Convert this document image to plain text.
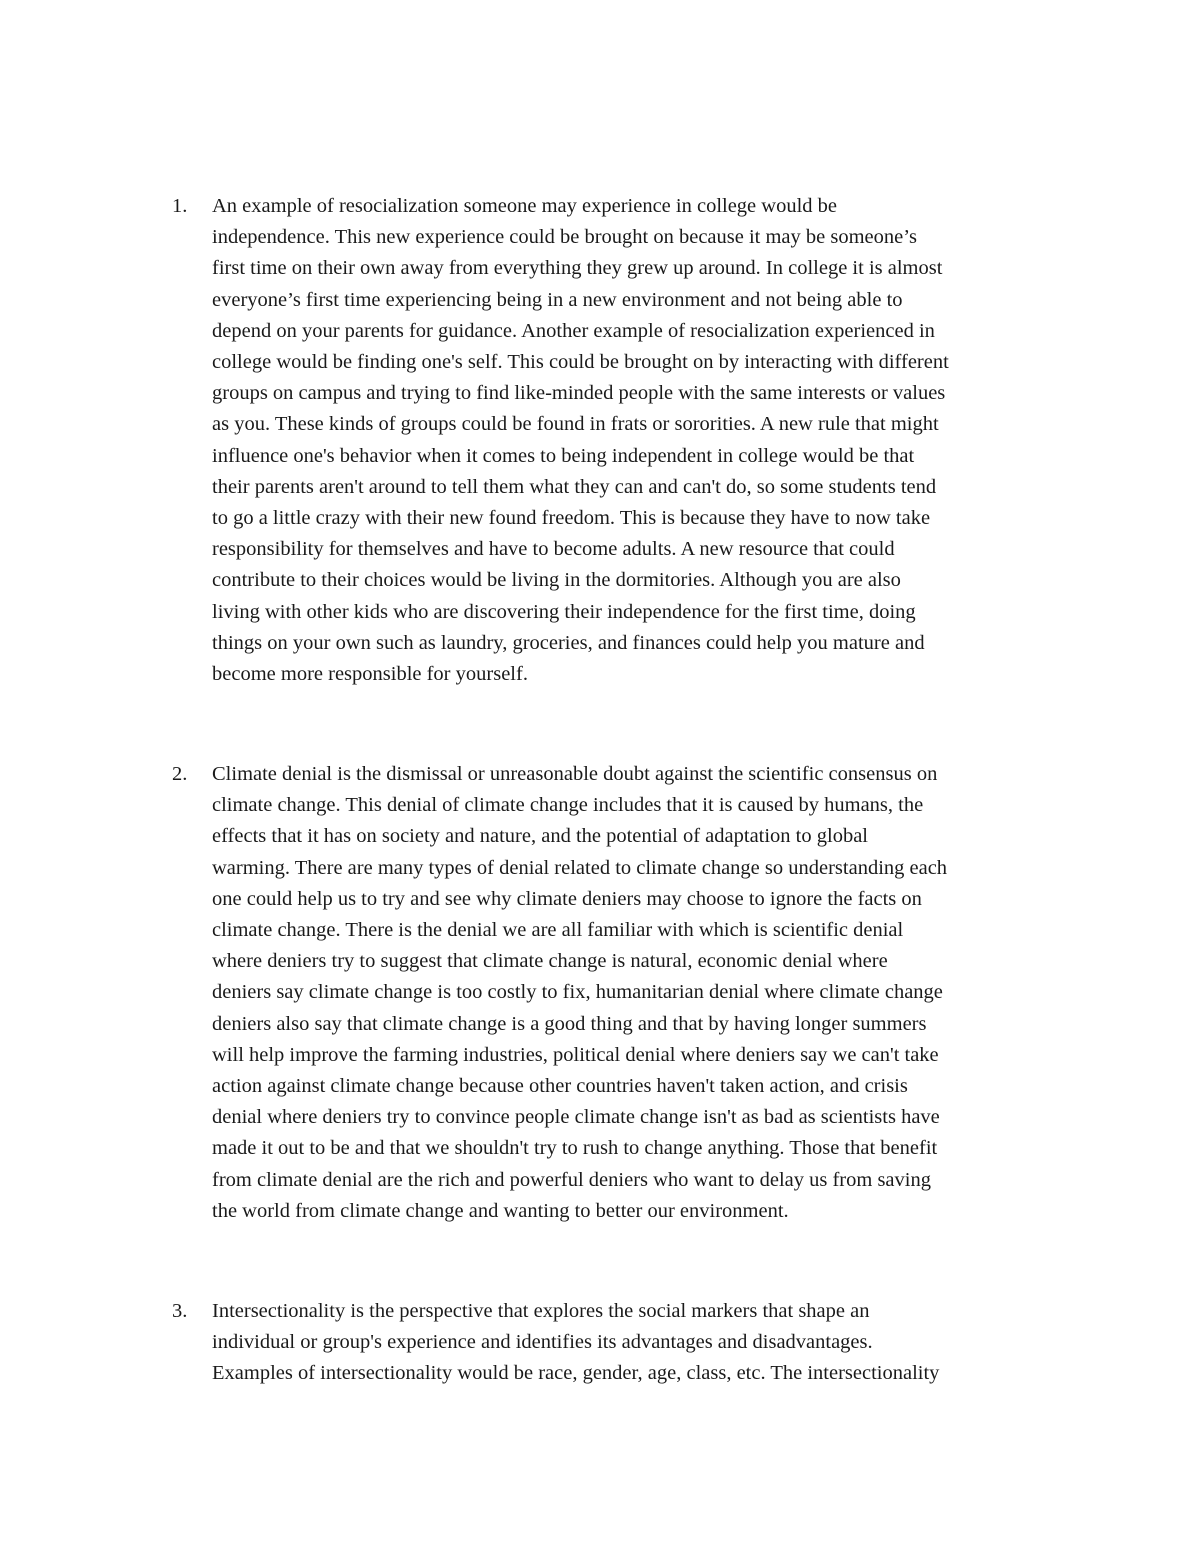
1. An example of resocialization someone may experience in college would be
independence. This new experience could be brought on because it may be someone’s
first time on their own away from everything they grew up around. In college it is almost
everyone’s first time experiencing being in a new environment and not being able to
depend on your parents for guidance. Another example of resocialization experienced in
college would be finding one's self. This could be brought on by interacting with different
groups on campus and trying to find like-minded people with the same interests or values
as you. These kinds of groups could be found in frats or sororities. A new rule that might
influence one's behavior when it comes to being independent in college would be that
their parents aren't around to tell them what they can and can't do, so some students tend
to go a little crazy with their new found freedom. This is because they have to now take
responsibility for themselves and have to become adults. A new resource that could
contribute to their choices would be living in the dormitories. Although you are also
living with other kids who are discovering their independence for the first time, doing
things on your own such as laundry, groceries, and finances could help you mature and
become more responsible for yourself.
2. Climate denial is the dismissal or unreasonable doubt against the scientific consensus on
climate change. This denial of climate change includes that it is caused by humans, the
effects that it has on society and nature, and the potential of adaptation to global
warming. There are many types of denial related to climate change so understanding each
one could help us to try and see why climate deniers may choose to ignore the facts on
climate change. There is the denial we are all familiar with which is scientific denial
where deniers try to suggest that climate change is natural, economic denial where
deniers say climate change is too costly to fix, humanitarian denial where climate change
deniers also say that climate change is a good thing and that by having longer summers
will help improve the farming industries, political denial where deniers say we can't take
action against climate change because other countries haven't taken action, and crisis
denial where deniers try to convince people climate change isn't as bad as scientists have
made it out to be and that we shouldn't try to rush to change anything. Those that benefit
from climate denial are the rich and powerful deniers who want to delay us from saving
the world from climate change and wanting to better our environment.
3. Intersectionality is the perspective that explores the social markers that shape an
individual or group's experience and identifies its advantages and disadvantages.
Examples of intersectionality would be race, gender, age, class, etc. The intersectionality
